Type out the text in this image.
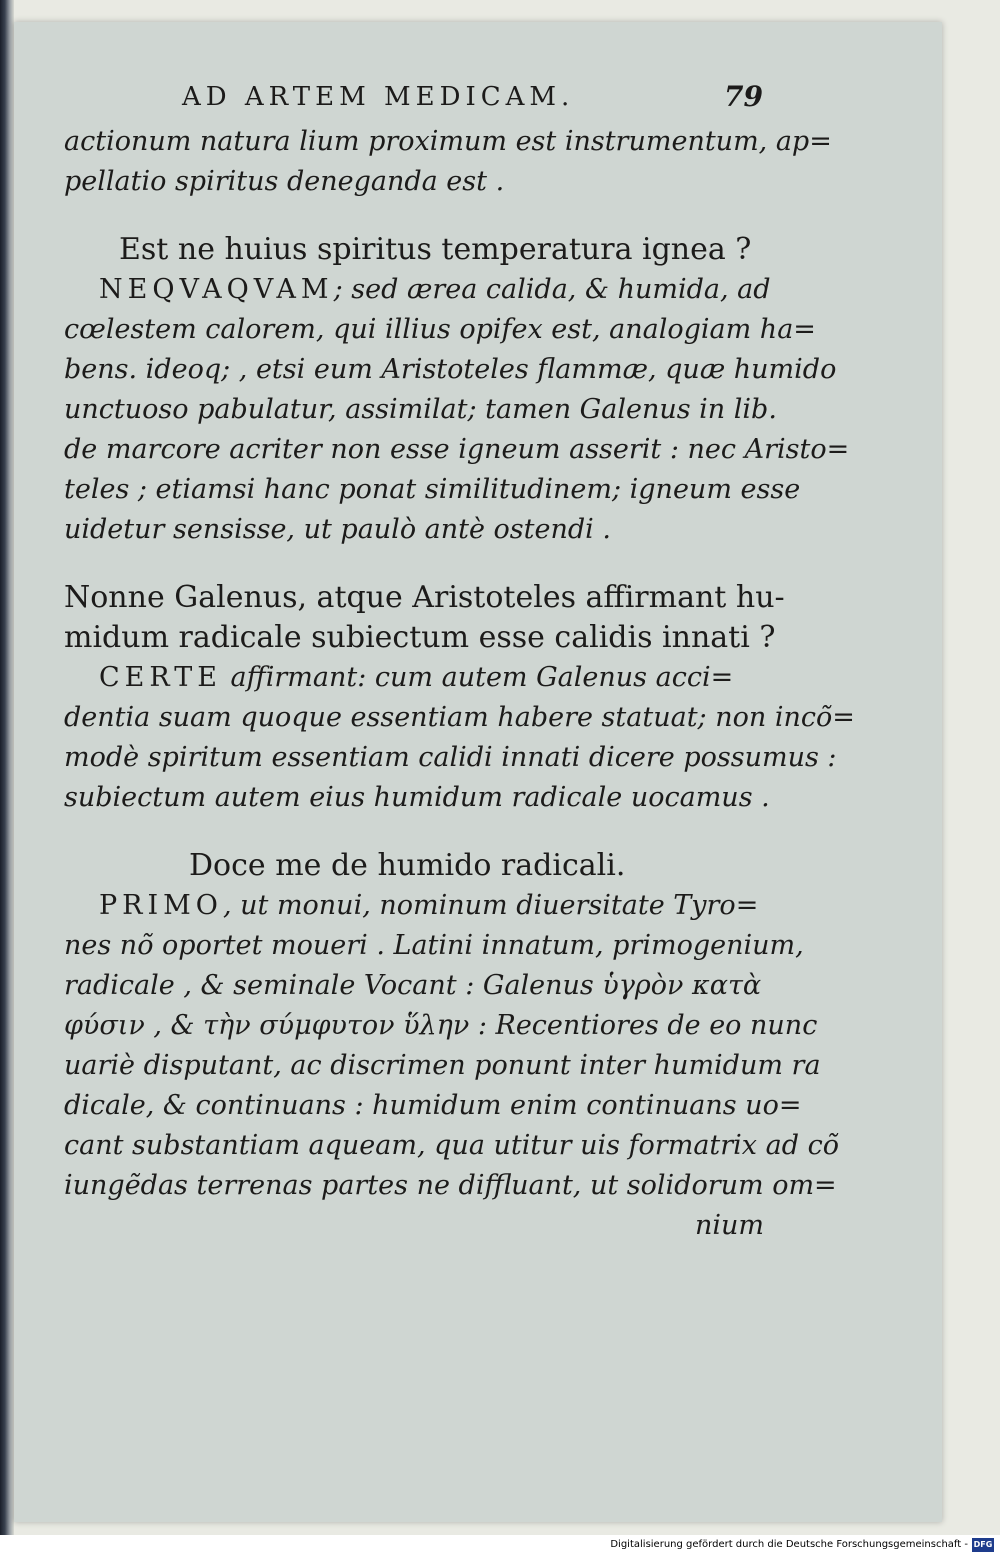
AD ARTEM MEDICAM.	79
actionum natura lium proximum est instrumentum, ap=
pellatio spiritus deneganda est .
Est ne huius spiritus temperatura ignea ?
NEQVAQVAM; sed ærea calida, & humida, ad
cœlestem calorem, qui illius opifex est, analogiam ha=
bens. ideoq; , etsi eum Aristoteles flammæ, quæ humido
unctuoso pabulatur, assimilat; tamen Galenus in lib.
de marcore acriter non esse igneum asserit : nec Aristo=
teles ; etiamsi hanc ponat similitudinem; igneum esse
uidetur sensisse, ut paulò antè ostendi .
Nonne Galenus, atque Aristoteles affirmant hu-
midum radicale subiectum esse calidis innati ?
CERTE affirmant: cum autem Galenus acci=
dentia suam quoque essentiam habere statuat; non incõ=
modè spiritum essentiam calidi innati dicere possumus :
subiectum autem eius humidum radicale uocamus .
Doce me de humido radicali.
PRIMO, ut monui, nominum diuersitate Tyro=
nes nõ oportet moueri . Latini innatum, primogenium,
radicale , & seminale Vocant : Galenus ὑγρὸν κατὰ
φύσιν , & τὴν σύμφυτον ὕλην : Recentiores de eo nunc
uariè disputant, ac discrimen ponunt inter humidum ra
dicale, & continuans : humidum enim continuans uo=
cant substantiam aqueam, qua utitur uis formatrix ad cõ
iungẽdas terrenas partes ne diffluant, ut solidorum om=
nium
Digitalisierung gefördert durch die Deutsche Forschungsgemeinschaft - DFG
